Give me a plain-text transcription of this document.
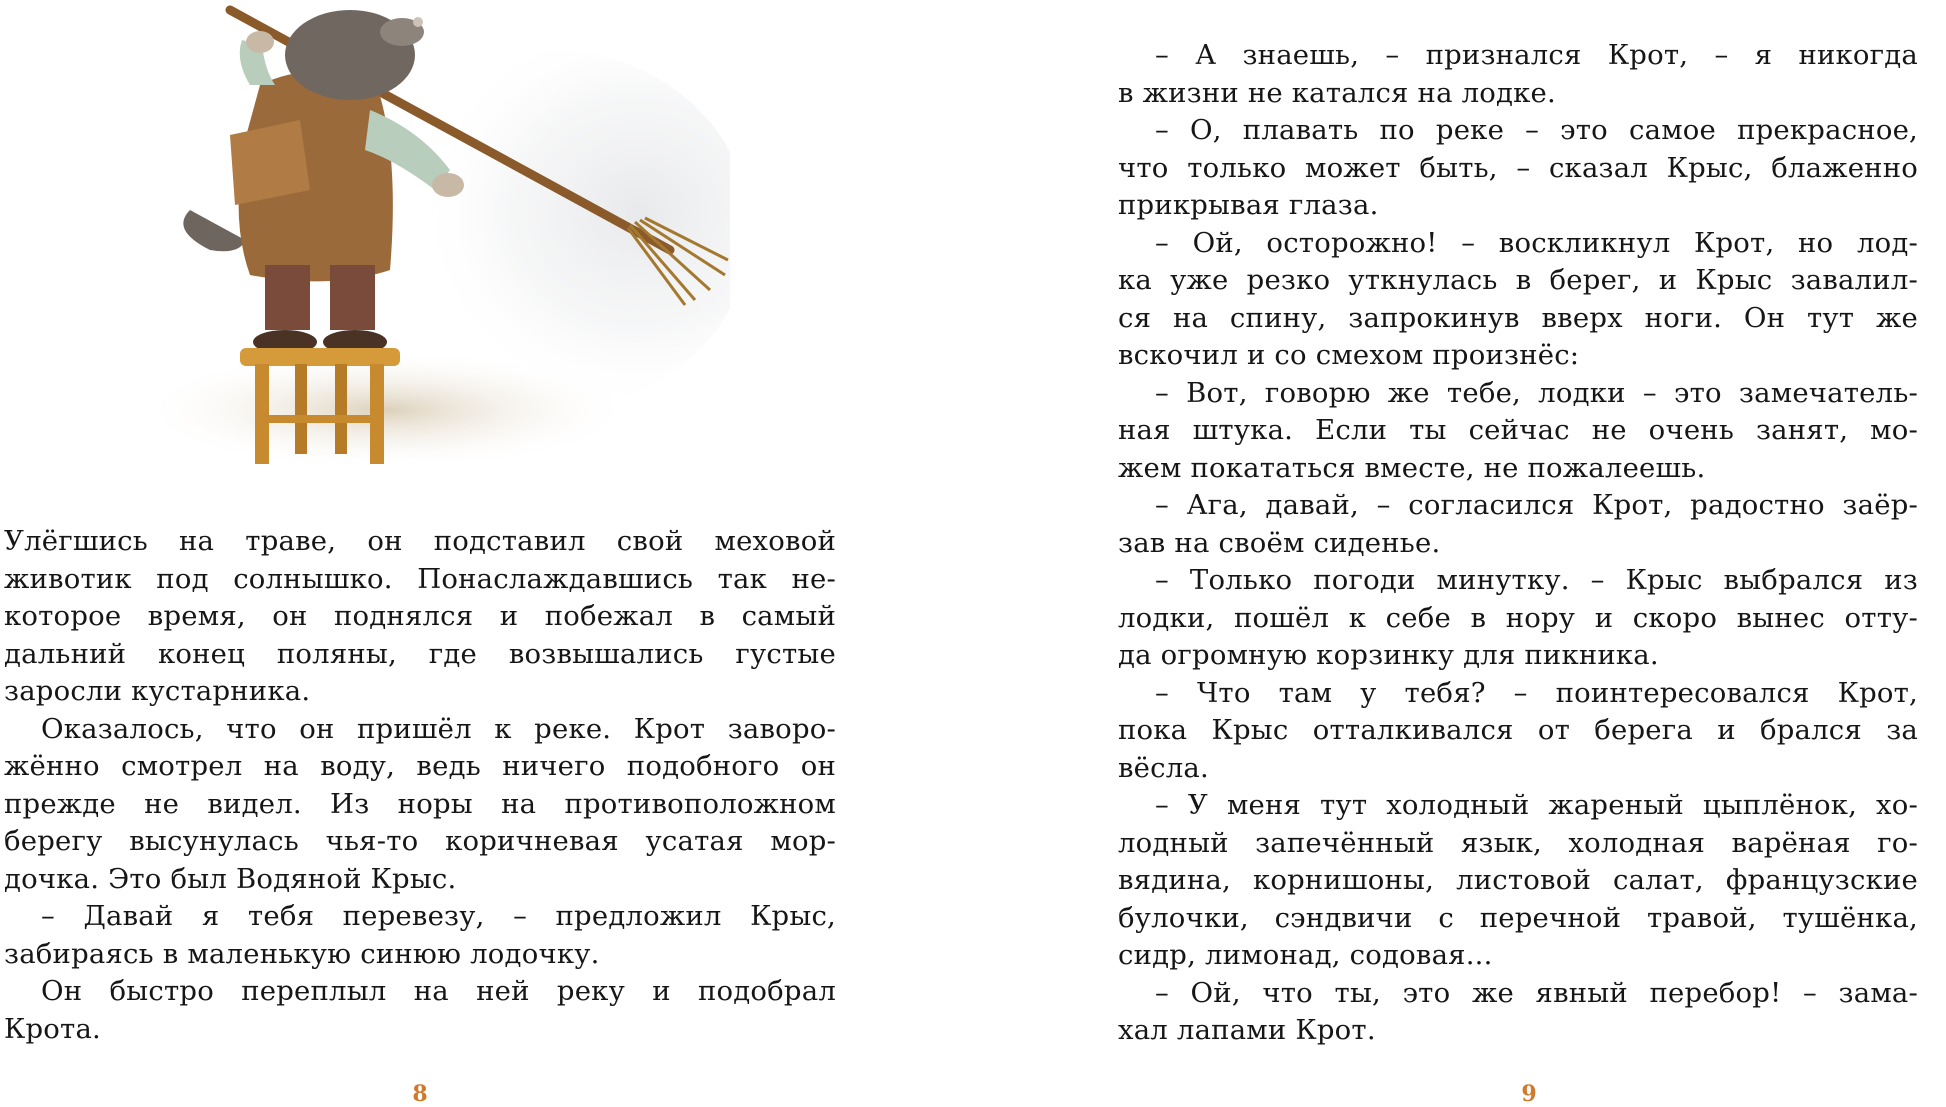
Улёгшись на траве, он подставил свой меховой
животик под солнышко. Понаслаждавшись так не-
которое время, он поднялся и побежал в самый
дальний конец поляны, где возвышались густые
заросли кустарника.
Оказалось, что он пришёл к реке. Крот заворо-
жённо смотрел на воду, ведь ничего подобного он
прежде не видел. Из норы на противоположном
берегу высунулась чья-то коричневая усатая мор-
дочка. Это был Водяной Крыс.
– Давай я тебя перевезу, – предложил Крыс,
забираясь в маленькую синюю лодочку.
Он быстро переплыл на ней реку и подобрал
Крота.
8
– А знаешь, – признался Крот, – я никогда
в жизни не катался на лодке.
– О, плавать по реке – это самое прекрасное,
что только может быть, – сказал Крыс, блаженно
прикрывая глаза.
– Ой, осторожно! – воскликнул Крот, но лод-
ка уже резко уткнулась в берег, и Крыс завалил-
ся на спину, запрокинув вверх ноги. Он тут же
вскочил и со смехом произнёс:
– Вот, говорю же тебе, лодки – это замечатель-
ная штука. Если ты сейчас не очень занят, мо-
жем покататься вместе, не пожалеешь.
– Ага, давай, – согласился Крот, радостно заёр-
зав на своём сиденье.
– Только погоди минутку. – Крыс выбрался из
лодки, пошёл к себе в нору и скоро вынес отту-
да огромную корзинку для пикника.
– Что там у тебя? – поинтересовался Крот,
пока Крыс отталкивался от берега и брался за
вёсла.
– У меня тут холодный жареный цыплёнок, хо-
лодный запечённый язык, холодная варёная го-
вядина, корнишоны, листовой салат, французские
булочки, сэндвичи с перечной травой, тушёнка,
сидр, лимонад, содовая...
– Ой, что ты, это же явный перебор! – зама-
хал лапами Крот.
9
